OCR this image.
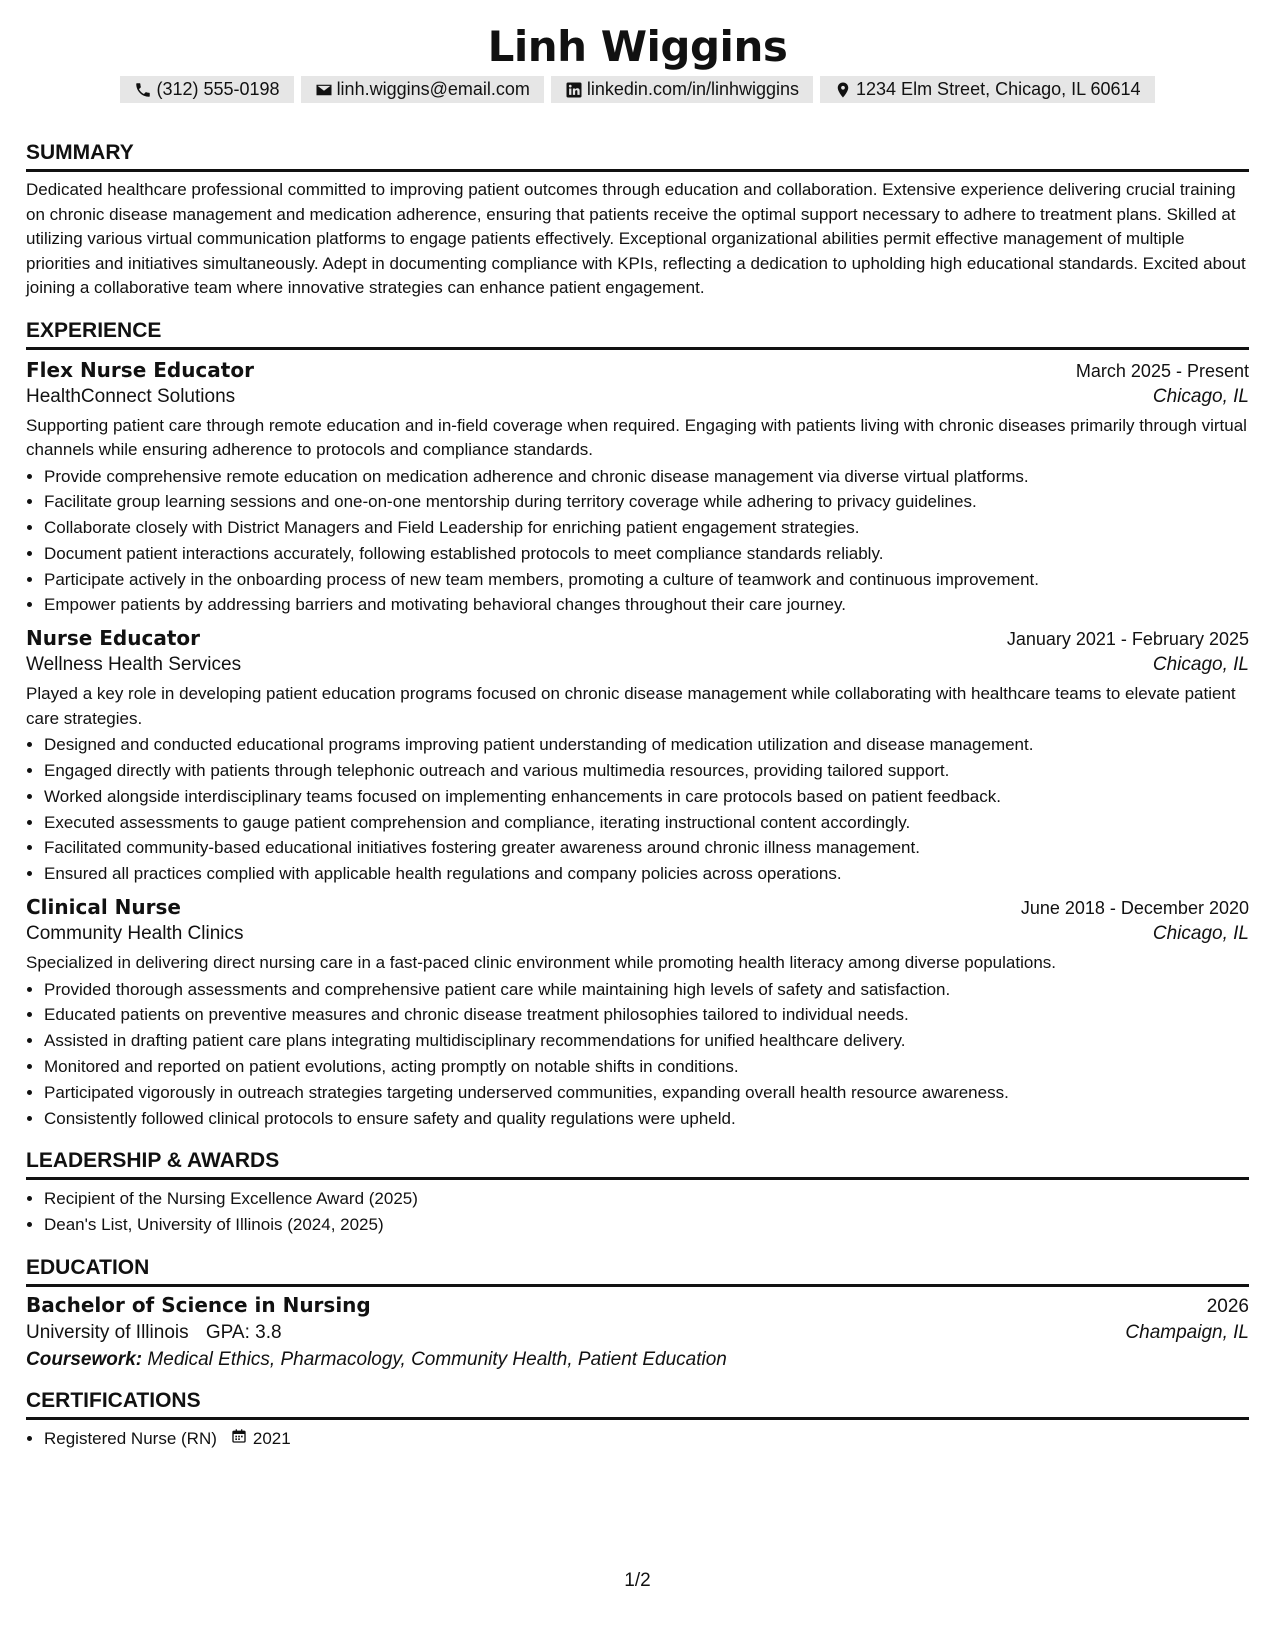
Linh Wiggins
(312) 555-0198	linh.wiggins@email.com	linkedin.com/in/linhwiggins	1234 Elm Street, Chicago, IL 60614
SUMMARY

Dedicated healthcare professional committed to improving patient outcomes through education and collaboration. Extensive experience delivering crucial training on chronic disease management and medication adherence, ensuring that patients receive the optimal support necessary to adhere to treatment plans. Skilled at utilizing various virtual communication platforms to engage patients effectively. Exceptional organizational abilities permit effective management of multiple priorities and initiatives simultaneously. Adept in documenting compliance with KPIs, reflecting a dedication to upholding high educational standards. Excited about joining a collaborative team where innovative strategies can enhance patient engagement.

EXPERIENCE
Flex Nurse Educator	March 2025 - Present
HealthConnect Solutions	Chicago, IL

Supporting patient care through remote education and in-field coverage when required. Engaging with patients living with chronic diseases primarily through virtual channels while ensuring adherence to protocols and compliance standards.

• Provide comprehensive remote education on medication adherence and chronic disease management via diverse virtual platforms.
• Facilitate group learning sessions and one-on-one mentorship during territory coverage while adhering to privacy guidelines.
• Collaborate closely with District Managers and Field Leadership for enriching patient engagement strategies.
• Document patient interactions accurately, following established protocols to meet compliance standards reliably.
• Participate actively in the onboarding process of new team members, promoting a culture of teamwork and continuous improvement.
• Empower patients by addressing barriers and motivating behavioral changes throughout their care journey.
Nurse Educator	January 2021 - February 2025
Wellness Health Services	Chicago, IL

Played a key role in developing patient education programs focused on chronic disease management while collaborating with healthcare teams to elevate patient care strategies.

• Designed and conducted educational programs improving patient understanding of medication utilization and disease management.
• Engaged directly with patients through telephonic outreach and various multimedia resources, providing tailored support.
• Worked alongside interdisciplinary teams focused on implementing enhancements in care protocols based on patient feedback.
• Executed assessments to gauge patient comprehension and compliance, iterating instructional content accordingly.
• Facilitated community-based educational initiatives fostering greater awareness around chronic illness management.
• Ensured all practices complied with applicable health regulations and company policies across operations.
Clinical Nurse	June 2018 - December 2020
Community Health Clinics	Chicago, IL

Specialized in delivering direct nursing care in a fast-paced clinic environment while promoting health literacy among diverse populations.

• Provided thorough assessments and comprehensive patient care while maintaining high levels of safety and satisfaction.
• Educated patients on preventive measures and chronic disease treatment philosophies tailored to individual needs.
• Assisted in drafting patient care plans integrating multidisciplinary recommendations for unified healthcare delivery.
• Monitored and reported on patient evolutions, acting promptly on notable shifts in conditions.
• Participated vigorously in outreach strategies targeting underserved communities, expanding overall health resource awareness.
• Consistently followed clinical protocols to ensure safety and quality regulations were upheld.
LEADERSHIP & AWARDS
• Recipient of the Nursing Excellence Award (2025)
• Dean's List, University of Illinois (2024, 2025)
EDUCATION
Bachelor of Science in Nursing	2026
University of Illinois GPA: 3.8	Champaign, IL
Coursework: Medical Ethics, Pharmacology, Community Health, Patient Education
CERTIFICATIONS
• Registered Nurse (RN) 2021
1/2
